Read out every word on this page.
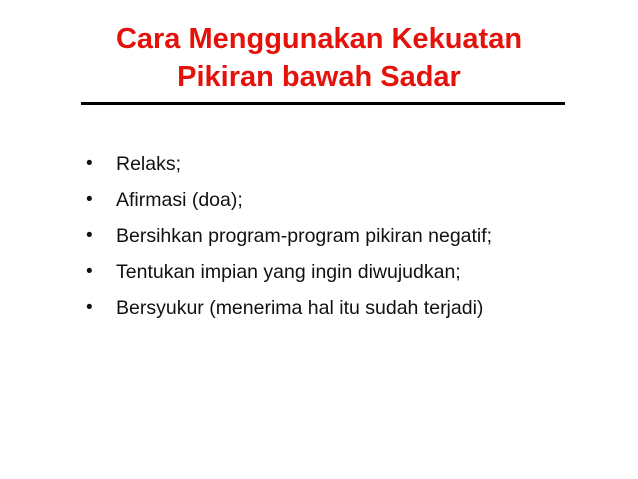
Cara Menggunakan Kekuatan
Pikiran bawah Sadar
• Relaks;
• Afirmasi (doa);
• Bersihkan program-program pikiran negatif;
• Tentukan impian yang ingin diwujudkan;
• Bersyukur (menerima hal itu sudah terjadi)
